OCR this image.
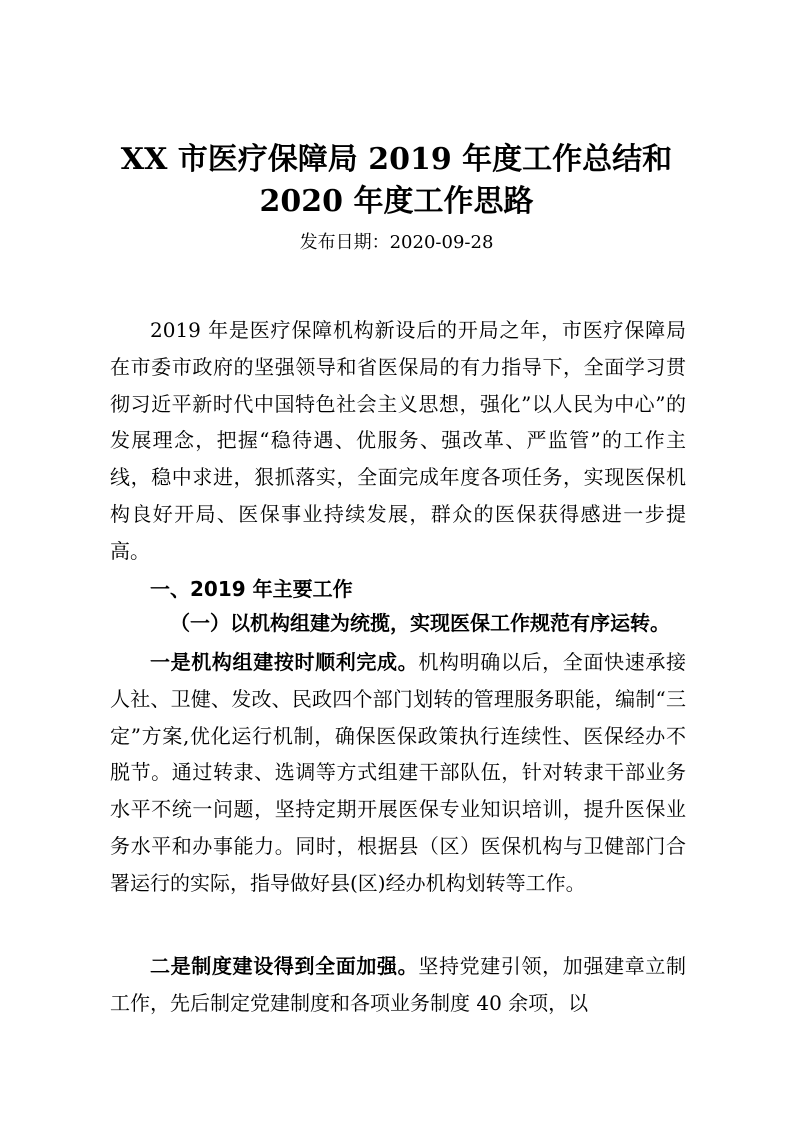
XX 市医疗保障局 2019 年度工作总结和
2020 年度工作思路
发布日期：2020-09-28

2019 年是医疗保障机构新设后的开局之年，市医疗保障局在市委市政府的坚强领导和省医保局的有力指导下，全面学习贯彻习近平新时代中国特色社会主义思想，强化”以人民为中心”的发展理念，把握“稳待遇、优服务、强改革、严监管”的工作主线，稳中求进，狠抓落实，全面完成年度各项任务，实现医保机构良好开局、医保事业持续发展，群众的医保获得感进一步提高。

一、2019 年主要工作
（一）以机构组建为统揽，实现医保工作规范有序运转。

一是机构组建按时顺利完成。机构明确以后，全面快速承接人社、卫健、发改、民政四个部门划转的管理服务职能，编制“三定”方案,优化运行机制，确保医保政策执行连续性、医保经办不脱节。通过转隶、选调等方式组建干部队伍，针对转隶干部业务水平不统一问题，坚持定期开展医保专业知识培训，提升医保业务水平和办事能力。同时，根据县（区）医保机构与卫健部门合署运行的实际，指导做好县(区)经办机构划转等工作。

二是制度建设得到全面加强。坚持党建引领，加强建章立制工作，先后制定党建制度和各项业务制度 40 余项，以
